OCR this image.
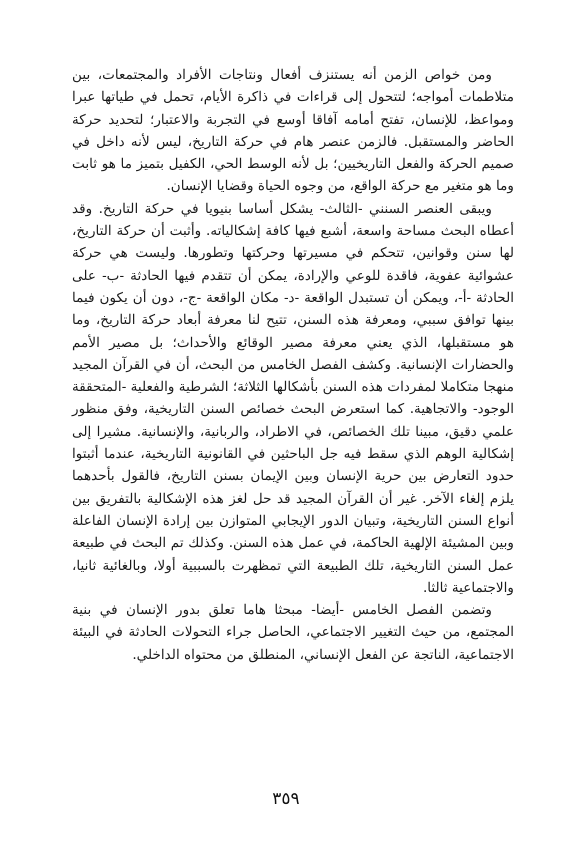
ومن خواص الزمن أنه يستنزف أفعال ونتاجات الأفراد والمجتمعات، بين متلاطمات أمواجه؛ لتتحول إلى قراءات في ذاكرة الأيام، تحمل في طياتها عبرا ومواعظ، للإنسان، تفتح أمامه آفاقا أوسع في التجربة والاعتبار؛ لتحديد حركة الحاضر والمستقبل. فالزمن عنصر هام في حركة التاريخ، ليس لأنه داخل في صميم الحركة والفعل التاريخيين؛ بل لأنه الوسط الحي، الكفيل بتميز ما هو ثابت وما هو متغير مع حركة الواقع، من وجوه الحياة وقضايا الإنسان.

ويبقى العنصر السنني -الثالث- يشكل أساسا بنيويا في حركة التاريخ. وقد أعطاه البحث مساحة واسعة، أشبع فيها كافة إشكالياته. وأثبت أن حركة التاريخ، لها سنن وقوانين، تتحكم في مسيرتها وحركتها وتطورها. وليست هي حركة عشوائية عفوية، فاقدة للوعي والإرادة، يمكن أن تتقدم فيها الحادثة -ب- على الحادثة -أ-، ويمكن أن تستبدل الواقعة -د- مكان الواقعة -ج-، دون أن يكون فيما بينها توافق سببي، ومعرفة هذه السنن، تتيح لنا معرفة أبعاد حركة التاريخ، وما هو مستقبلها، الذي يعني معرفة مصير الوقائع والأحداث؛ بل مصير الأمم والحضارات الإنسانية. وكشف الفصل الخامس من البحث، أن في القرآن المجيد منهجا متكاملا لمفردات هذه السنن بأشكالها الثلاثة؛ الشرطية والفعلية -المتحققة الوجود- والاتجاهية. كما استعرض البحث خصائص السنن التاريخية، وفق منظور علمي دقيق، مبينا تلك الخصائص، في الاطراد، والربانية، والإنسانية. مشيرا إلى إشكالية الوهم الذي سقط فيه جل الباحثين في القانونية التاريخية، عندما أثبتوا حدود التعارض بين حرية الإنسان وبين الإيمان بسنن التاريخ، فالقول بأحدهما يلزم إلغاء الآخر. غير أن القرآن المجيد قد حل لغز هذه الإشكالية بالتفريق بين أنواع السنن التاريخية، وتبيان الدور الإيجابي المتوازن بين إرادة الإنسان الفاعلة وبين المشيئة الإلهية الحاكمة، في عمل هذه السنن. وكذلك تم البحث في طبيعة عمل السنن التاريخية، تلك الطبيعة التي تمظهرت بالسببية أولا، وبالغائية ثانيا، والاجتماعية ثالثا.

وتضمن الفصل الخامس -أيضا- مبحثا هاما تعلق بدور الإنسان في بنية المجتمع، من حيث التغيير الاجتماعي، الحاصل جراء التحولات الحادثة في البيئة الاجتماعية، الناتجة عن الفعل الإنساني، المنطلق من محتواه الداخلي.

٣٥٩
